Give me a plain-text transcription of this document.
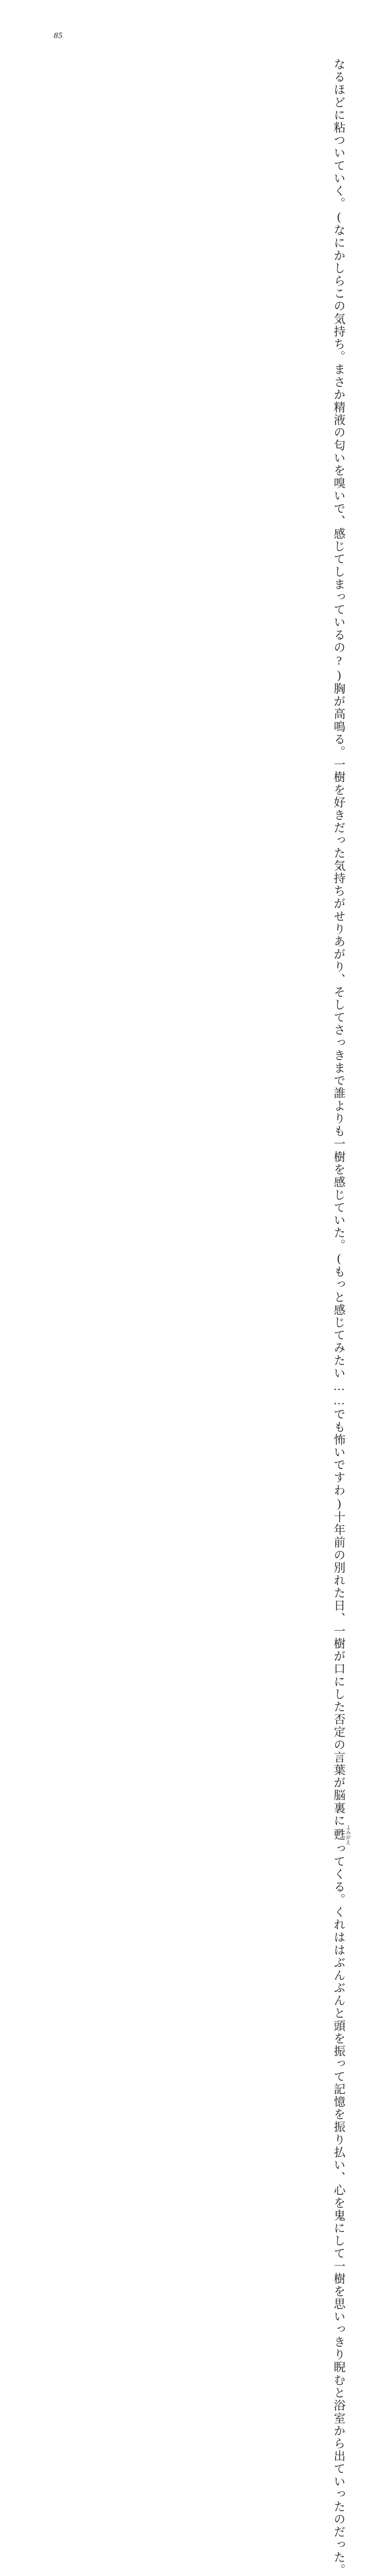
85
なるほどに粘ついていく。
(なにかしらこの気持ち。まさか精液の匂いを嗅いで、感じてしまっているの?)
胸が高鳴る。一樹を好きだった気持ちがせりあがり、そしてさっきまで誰よりも一
樹を感じていた。
(もっと感じてみたい……でも怖いですわ)
十年前の別れた日、一樹が口にした否定の言葉が脳裏に甦 よみがえってくる。
くれははぶんぶんと頭を振って記憶を振り払い、心を鬼にして一樹を思いっきり睨
むと浴室から出ていったのだった。
